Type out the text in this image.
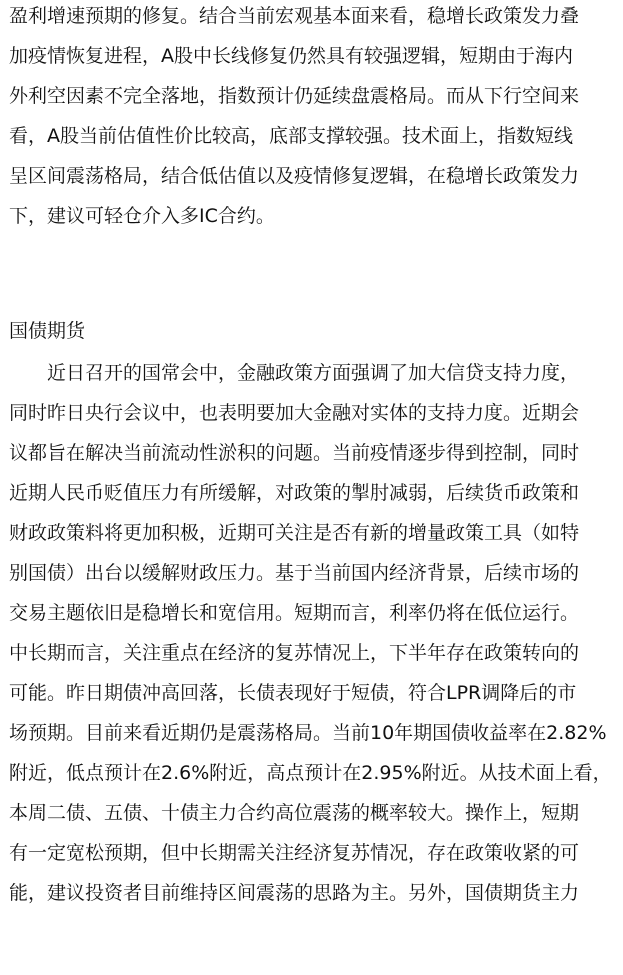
盈利增速预期的修复。结合当前宏观基本面来看，稳增长政策发力叠
加疫情恢复进程，A股中长线修复仍然具有较强逻辑，短期由于海内
外利空因素不完全落地，指数预计仍延续盘震格局。而从下行空间来
看，A股当前估值性价比较高，底部支撑较强。技术面上，指数短线
呈区间震荡格局，结合低估值以及疫情修复逻辑，在稳增长政策发力
下，建议可轻仓介入多IC合约。
国债期货
　　近日召开的国常会中，金融政策方面强调了加大信贷支持力度，
同时昨日央行会议中，也表明要加大金融对实体的支持力度。近期会
议都旨在解决当前流动性淤积的问题。当前疫情逐步得到控制，同时
近期人民币贬值压力有所缓解，对政策的掣肘减弱，后续货币政策和
财政政策料将更加积极，近期可关注是否有新的增量政策工具（如特
别国债）出台以缓解财政压力。基于当前国内经济背景，后续市场的
交易主题依旧是稳增长和宽信用。短期而言，利率仍将在低位运行。
中长期而言，关注重点在经济的复苏情况上，下半年存在政策转向的
可能。昨日期债冲高回落，长债表现好于短债，符合LPR调降后的市
场预期。目前来看近期仍是震荡格局。当前10年期国债收益率在2.82%
附近，低点预计在2.6%附近，高点预计在2.95%附近。从技术面上看，
本周二债、五债、十债主力合约高位震荡的概率较大。操作上，短期
有一定宽松预期，但中长期需关注经济复苏情况，存在政策收紧的可
能，建议投资者目前维持区间震荡的思路为主。另外，国债期货主力
